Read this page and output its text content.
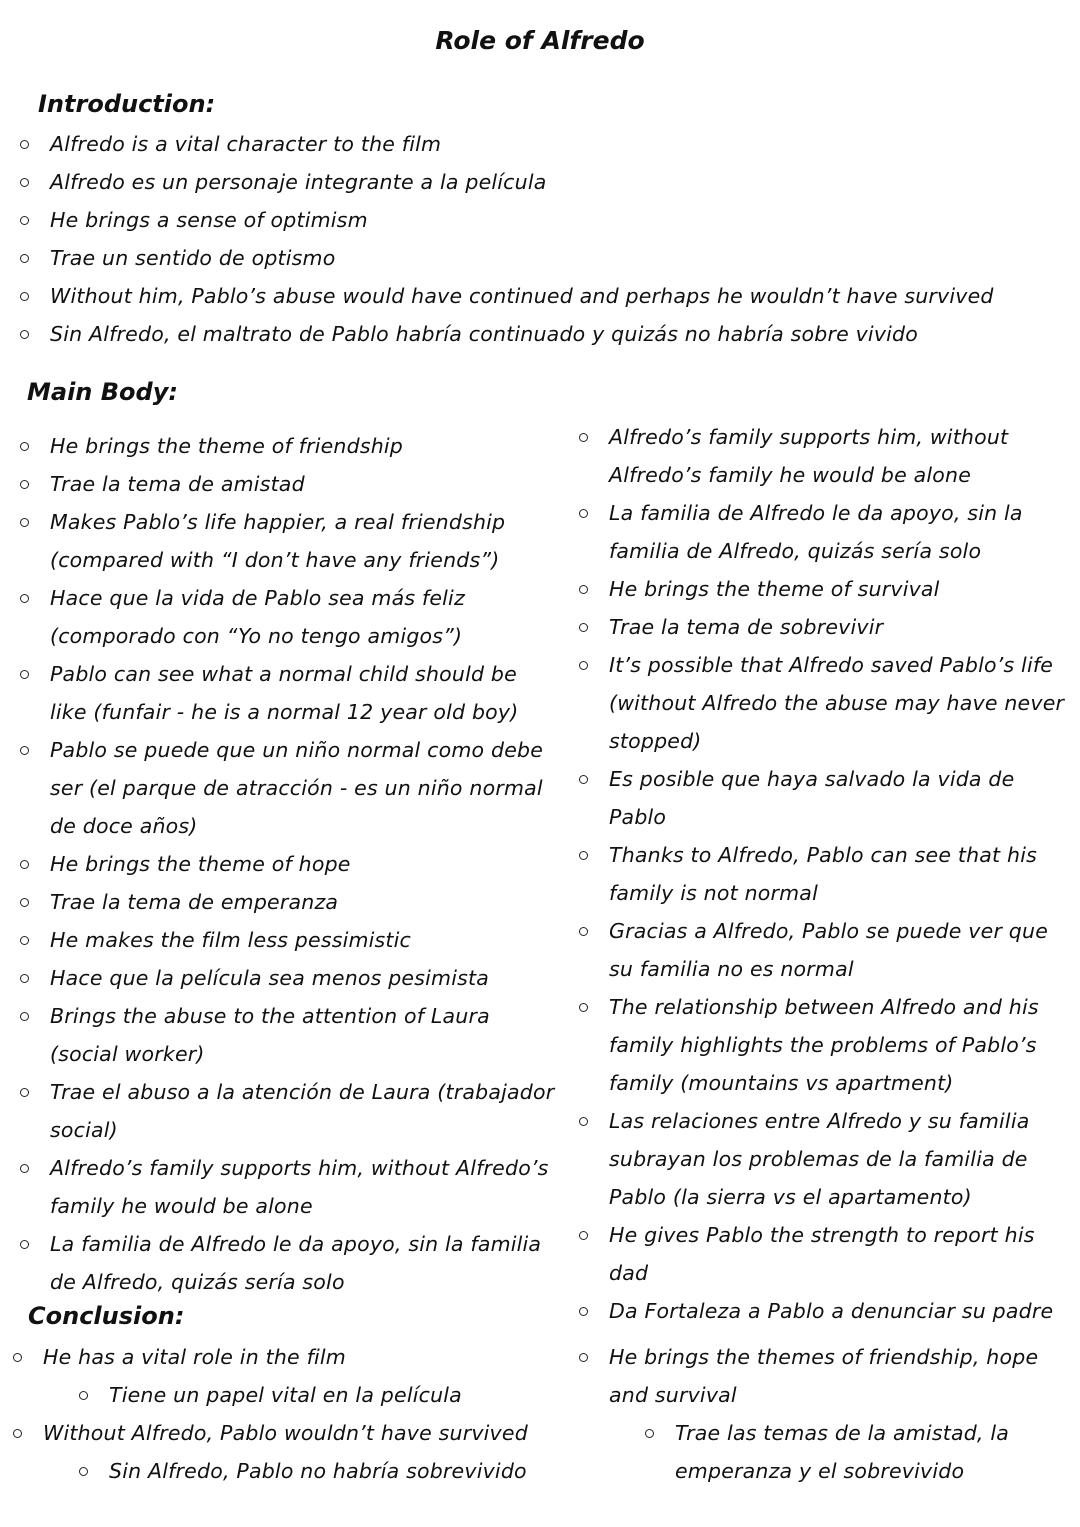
Role of Alfredo
Introduction:
Alfredo is a vital character to the film
Alfredo es un personaje integrante a la película
He brings a sense of optimism
Trae un sentido de optismo
Without him, Pablo’s abuse would have continued and perhaps he wouldn’t have survived
Sin Alfredo, el maltrato de Pablo habría continuado y quizás no habría sobre vivido
Main Body:
He brings the theme of friendship
Trae la tema de amistad
Makes Pablo’s life happier, a real friendship (compared with “I don’t have any friends”)
Hace que la vida de Pablo sea más feliz (comporado con “Yo no tengo amigos”)
Pablo can see what a normal child should be like (funfair - he is a normal 12 year old boy)
Pablo se puede que un niño normal como debe ser (el parque de atracción - es un niño normal de doce años)
He brings the theme of hope
Trae la tema de emperanza
He makes the film less pessimistic
Hace que la película sea menos pesimista
Brings the abuse to the attention of Laura (social worker)
Trae el abuso a la atención de Laura (trabajador social)
Alfredo’s family supports him, without Alfredo’s family he would be alone
La familia de Alfredo le da apoyo, sin la familia de Alfredo, quizás sería solo
Alfredo’s family supports him, without Alfredo’s family he would be alone
La familia de Alfredo le da apoyo, sin la familia de Alfredo, quizás sería solo
He brings the theme of survival
Trae la tema de sobrevivir
It’s possible that Alfredo saved Pablo’s life (without Alfredo the abuse may have never stopped)
Es posible que haya salvado la vida de Pablo
Thanks to Alfredo, Pablo can see that his family is not normal
Gracias a Alfredo, Pablo se puede ver que su familia no es normal
The relationship between Alfredo and his family highlights the problems of Pablo’s family (mountains vs apartment)
Las relaciones entre Alfredo y su familia subrayan los problemas de la familia de Pablo (la sierra vs el apartamento)
He gives Pablo the strength to report his dad
Da Fortaleza a Pablo a denunciar su padre
Conclusion:
He has a vital role in the film
Tiene un papel vital en la película
Without Alfredo, Pablo wouldn’t have survived
Sin Alfredo, Pablo no habría sobrevivido
He brings the themes of friendship, hope and survival
Trae las temas de la amistad, la emperanza y el sobrevivido
